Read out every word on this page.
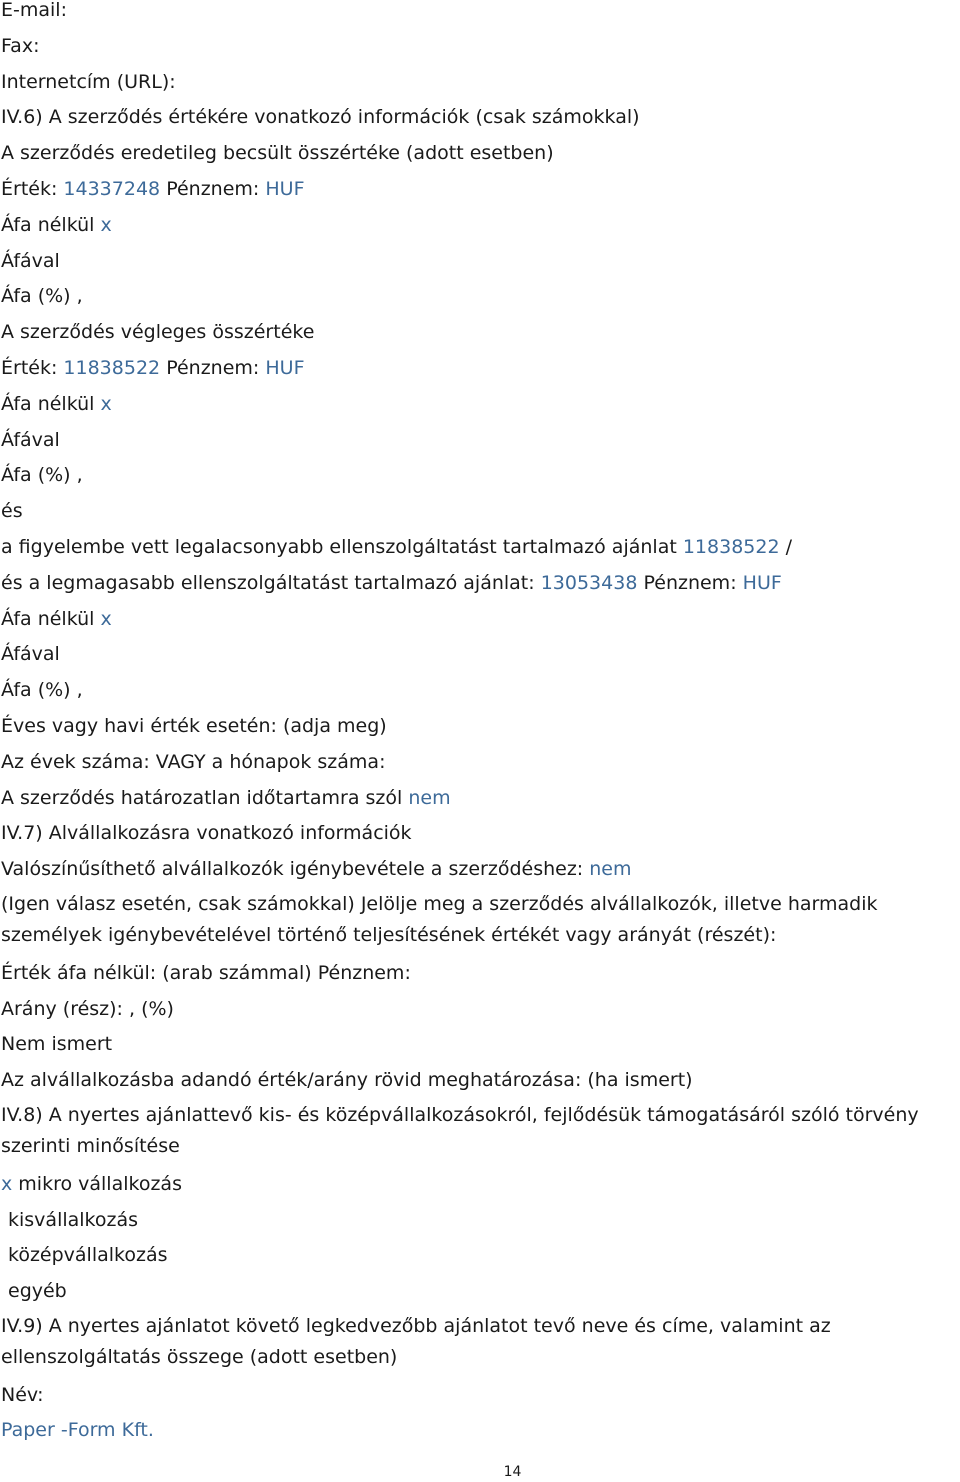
E-mail:

Fax:

Internetcím (URL):

IV.6) A szerződés értékére vonatkozó információk (csak számokkal)

A szerződés eredetileg becsült összértéke (adott esetben)

Érték: 14337248 Pénznem: HUF

Áfa nélkül x

Áfával

Áfa (%) ,

A szerződés végleges összértéke

Érték: 11838522 Pénznem: HUF

Áfa nélkül x

Áfával

Áfa (%) ,

és

a figyelembe vett legalacsonyabb ellenszolgáltatást tartalmazó ajánlat 11838522 /

és a legmagasabb ellenszolgáltatást tartalmazó ajánlat: 13053438 Pénznem: HUF

Áfa nélkül x

Áfával

Áfa (%) ,

Éves vagy havi érték esetén: (adja meg)

Az évek száma: VAGY a hónapok száma:

A szerződés határozatlan időtartamra szól nem

IV.7) Alvállalkozásra vonatkozó információk

Valószínűsíthető alvállalkozók igénybevétele a szerződéshez: nem

(Igen válasz esetén, csak számokkal) Jelölje meg a szerződés alvállalkozók, illetve harmadik

személyek igénybevételével történő teljesítésének értékét vagy arányát (részét):

Érték áfa nélkül: (arab számmal) Pénznem:

Arány (rész): , (%)

Nem ismert

Az alvállalkozásba adandó érték/arány rövid meghatározása: (ha ismert)

IV.8) A nyertes ajánlattevő kis- és középvállalkozásokról, fejlődésük támogatásáról szóló törvény

szerinti minősítése

x mikro vállalkozás

kisvállalkozás

középvállalkozás

egyéb

IV.9) A nyertes ajánlatot követő legkedvezőbb ajánlatot tevő neve és címe, valamint az

ellenszolgáltatás összege (adott esetben)

Név:

Paper -Form Kft.

14
